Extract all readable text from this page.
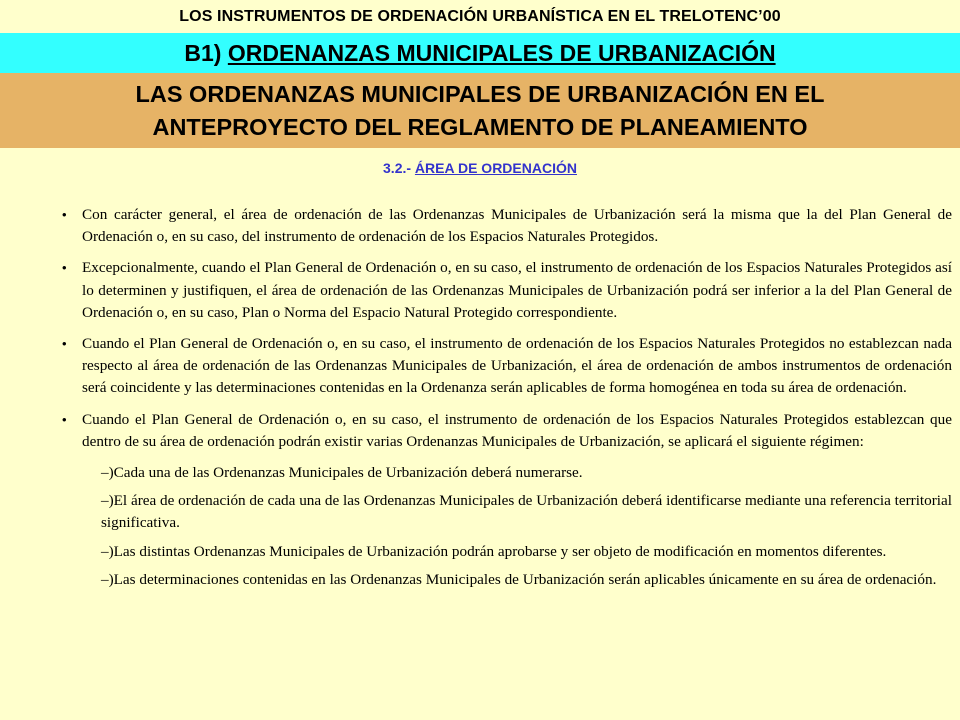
LOS INSTRUMENTOS DE ORDENACIÓN URBANÍSTICA EN EL TRELOTENC’00
B1) ORDENANZAS MUNICIPALES DE URBANIZACIÓN
LAS ORDENANZAS MUNICIPALES DE URBANIZACIÓN EN EL
ANTEPROYECTO DEL REGLAMENTO DE PLANEAMIENTO
3.2.- ÁREA DE ORDENACIÓN
• Con carácter general, el área de ordenación de las Ordenanzas Municipales de Urbanización será la misma que la del Plan General de Ordenación o, en su caso, del instrumento de ordenación de los Espacios Naturales Protegidos.
• Excepcionalmente, cuando el Plan General de Ordenación o, en su caso, el instrumento de ordenación de los Espacios Naturales Protegidos así lo determinen y justifiquen, el área de ordenación de las Ordenanzas Municipales de Urbanización podrá ser inferior a la del Plan General de Ordenación o, en su caso, Plan o Norma del Espacio Natural Protegido correspondiente.
• Cuando el Plan General de Ordenación o, en su caso, el instrumento de ordenación de los Espacios Naturales Protegidos no establezcan nada respecto al área de ordenación de las Ordenanzas Municipales de Urbanización, el área de ordenación de ambos instrumentos de ordenación será coincidente y las determinaciones contenidas en la Ordenanza serán aplicables de forma homogénea en toda su área de ordenación.
• Cuando el Plan General de Ordenación o, en su caso, el instrumento de ordenación de los Espacios Naturales Protegidos establezcan que dentro de su área de ordenación podrán existir varias Ordenanzas Municipales de Urbanización, se aplicará el siguiente régimen:
–)Cada una de las Ordenanzas Municipales de Urbanización deberá numerarse.
–)El área de ordenación de cada una de las Ordenanzas Municipales de Urbanización deberá identificarse mediante una referencia territorial significativa.
–)Las distintas Ordenanzas Municipales de Urbanización podrán aprobarse y ser objeto de modificación en momentos diferentes.
–)Las determinaciones contenidas en las Ordenanzas Municipales de Urbanización serán aplicables únicamente en su área de ordenación.
